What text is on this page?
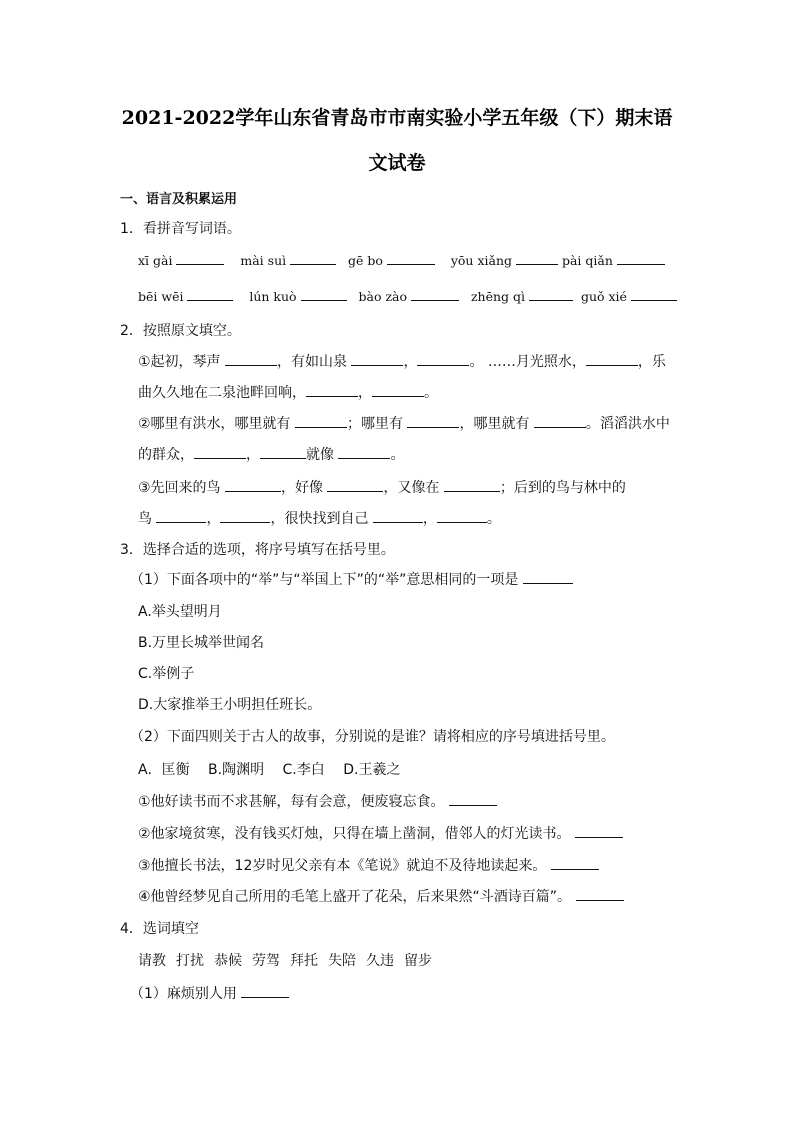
2021-2022学年山东省青岛市市南实验小学五年级（下）期末语
文试卷
一、语言及积累运用
1．看拼音写词语。
xī gài	mài suì	gē bo	yōu xiǎng	pài qiǎn
bēi wēi	lún kuò	bào zào	zhēng qì	guǒ xié
2．按照原文填空。
①起初，琴声	，有如山泉	，	。 ……月光照水，	，乐
曲久久地在二泉池畔回响，	，	。
②哪里有洪水，哪里就有	；哪里有	，哪里就有	。滔滔洪水中
的群众，	，	就像	。
③先回来的鸟	，好像	，又像在	；后到的鸟与林中的
鸟	，	，很快找到自己	，	。
3．选择合适的选项，将序号填写在括号里。
（1）下面各项中的“举”与“举国上下”的“举”意思相同的一项是
A.举头望明月
B.万里长城举世闻名
C.举例子
D.大家推举王小明担任班长。
（2）下面四则关于古人的故事，分别说的是谁？请将相应的序号填进括号里。
A．匡衡　 B.陶渊明　 C.李白　 D.王羲之
①他好读书而不求甚解，每有会意，便废寝忘食。
②他家境贫寒，没有钱买灯烛，只得在墙上凿洞，借邻人的灯光读书。
③他擅长书法，12岁时见父亲有本《笔说》就迫不及待地读起来。
④他曾经梦见自己所用的毛笔上盛开了花朵，后来果然“斗酒诗百篇”。
4．选词填空
请教 打扰 恭候 劳驾 拜托 失陪 久违 留步
（1）麻烦别人用
